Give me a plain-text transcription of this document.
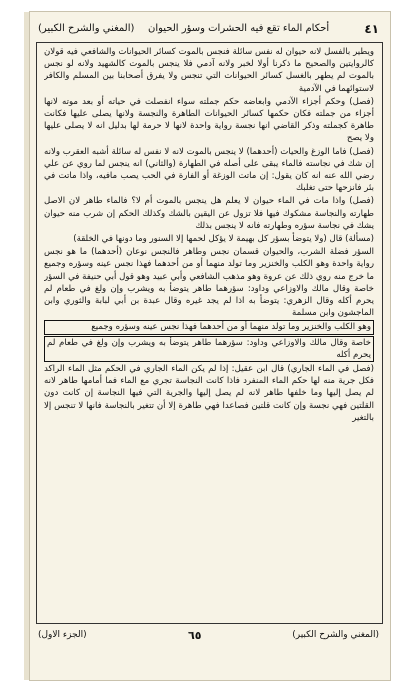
(المغني والشرح الكبير) أحكام الماء تقع فيه الحشرات وسؤر الحيوان	٤١

ويطير بالفسل لانه حيوان له نفس سائلة فنجس بالموت كسائر الحيوانات والشافعي فيه قولان كالروايتين والصحيح ما ذكرنا أولا لخبر ولانه آدمي فلا ينجس بالموت كالشهيد ولانه لو نجس بالموت لم يطهر بالغسل كسائر الحيوانات التي تنجس ولا يفرق أصحابنا بين المسلم والكافر لاستوائهما في الآدمية

(فصل) وحكم أجزاء الآدمي وابعاضه حكم جملته سواء انفصلت في حياته أو بعد موته لانها أجزاء من جملته فكان حكمها كسائر الحيوانات الطاهرة والنجسة ولانها يصلى عليها فكانت طاهرة كجملته وذكر القاضي انها نجسة رواية واحدة لانها لا حرمة لها بدليل انه لا يصلى عليها ولا يصح

(فصل) فاما الوزغ والحيات (أحدهما) لا ينجس بالموت لانه لا نفس له سائلة أشبه العقرب ولانه إن شك في نجاسته فالماء يبقى على أصله في الطهارة (والثاني) انه ينجس لما روي عن علي رضي الله عنه انه كان يقول: إن ماتت الوزغة أو الفارة في الحب يصب مافيه، واذا ماتت في بئر فانزحها حتى تغلبك

(فصل) واذا مات في الماء حيوان لا يعلم هل ينجس بالموت أم لا؟ فالماء طاهر لان الاصل طهارته والنجاسة مشكوك فيها فلا تزول عن اليقين بالشك وكذلك الحكم إن شرب منه حيوان يشك في نجاسة سؤره وطهارته فانه لا ينجس بذلك

(مسألة) قال (ولا يتوضأ بسؤر كل بهيمة لا يؤكل لحمها إلا السنور وما دونها في الخلقة)

السؤر فضلة الشرب، والحيوان قسمان نجس وطاهر فالنجس نوعان (أحدهما) ما هو نجس رواية واحدة وهو الكلب والخنزير وما تولد منهما أو من أحدهما فهذا نجس عينه وسؤره وجميع ما خرج منه روي ذلك عن عروة وهو مذهب الشافعي وأبي عبيد وهو قول أبي حنيفة في السؤر خاصة وقال مالك والاوزاعي وداود: سؤرهما طاهر يتوضأ به ويشرب وإن ولغ في طعام لم يحرم أكله وقال الزهري: يتوضأ به اذا لم يجد غيره وقال عبدة بن أبي لبابة والثوري وابن الماجشون وابن مسلمة

وهو الكلب والخنزير وما تولد منهما أو من أحدهما فهذا نجس عينه وسؤره وجميع
خاصة وقال مالك والاوزاعي وداود: سؤرهما طاهر يتوضأ به ويشرب وإن ولغ في طعام لم يحرم أكله

(فصل في الماء الجاري) قال ابن عقيل: إذا لم يكن الماء الجاري في الحكم مثل الماء الراكد فكل جرية منه لها حكم الماء المنفرد فاذا كانت النجاسة تجري مع الماء فما أمامها طاهر لانه لم يصل إليها وما خلفها طاهر لانه لم يصل إليها والجرية التي فيها النجاسة إن كانت دون القلتين فهي نجسة وإن كانت قلتين فصاعدا فهي طاهرة إلا أن تتغير بالنجاسة فانها لا تنجس إلا بالتغير

(الجزء الاول)	٦٥	(المغني والشرح الكبير)
